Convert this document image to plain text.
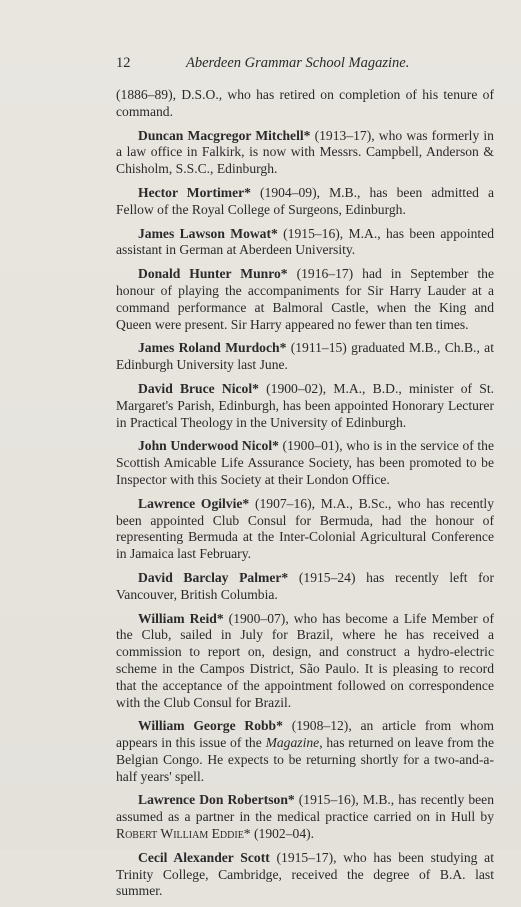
12	Aberdeen Grammar School Magazine.

(1886–89), D.S.O., who has retired on completion of his tenure of command.

Duncan Macgregor Mitchell* (1913–17), who was formerly in a law office in Falkirk, is now with Messrs. Campbell, Anderson & Chisholm, S.S.C., Edinburgh.

Hector Mortimer* (1904–09), M.B., has been admitted a Fellow of the Royal College of Surgeons, Edinburgh.

James Lawson Mowat* (1915–16), M.A., has been appointed assistant in German at Aberdeen University.

Donald Hunter Munro* (1916–17) had in September the honour of playing the accompaniments for Sir Harry Lauder at a command performance at Balmoral Castle, when the King and Queen were present. Sir Harry appeared no fewer than ten times.

James Roland Murdoch* (1911–15) graduated M.B., Ch.B., at Edinburgh University last June.

David Bruce Nicol* (1900–02), M.A., B.D., minister of St. Margaret's Parish, Edinburgh, has been appointed Honorary Lecturer in Practical Theology in the University of Edinburgh.

John Underwood Nicol* (1900–01), who is in the service of the Scottish Amicable Life Assurance Society, has been promoted to be Inspector with this Society at their London Office.

Lawrence Ogilvie* (1907–16), M.A., B.Sc., who has recently been appointed Club Consul for Bermuda, had the honour of representing Bermuda at the Inter-Colonial Agricultural Conference in Jamaica last February.

David Barclay Palmer* (1915–24) has recently left for Vancouver, British Columbia.

William Reid* (1900–07), who has become a Life Member of the Club, sailed in July for Brazil, where he has received a commission to report on, design, and construct a hydro-electric scheme in the Campos District, São Paulo. It is pleasing to record that the acceptance of the appointment followed on correspondence with the Club Consul for Brazil.

William George Robb* (1908–12), an article from whom appears in this issue of the Magazine, has returned on leave from the Belgian Congo. He expects to be returning shortly for a two-and-a-half years' spell.

Lawrence Don Robertson* (1915–16), M.B., has recently been assumed as a partner in the medical practice carried on in Hull by Robert William Eddie* (1902–04).

Cecil Alexander Scott (1915–17), who has been studying at Trinity College, Cambridge, received the degree of B.A. last summer.
